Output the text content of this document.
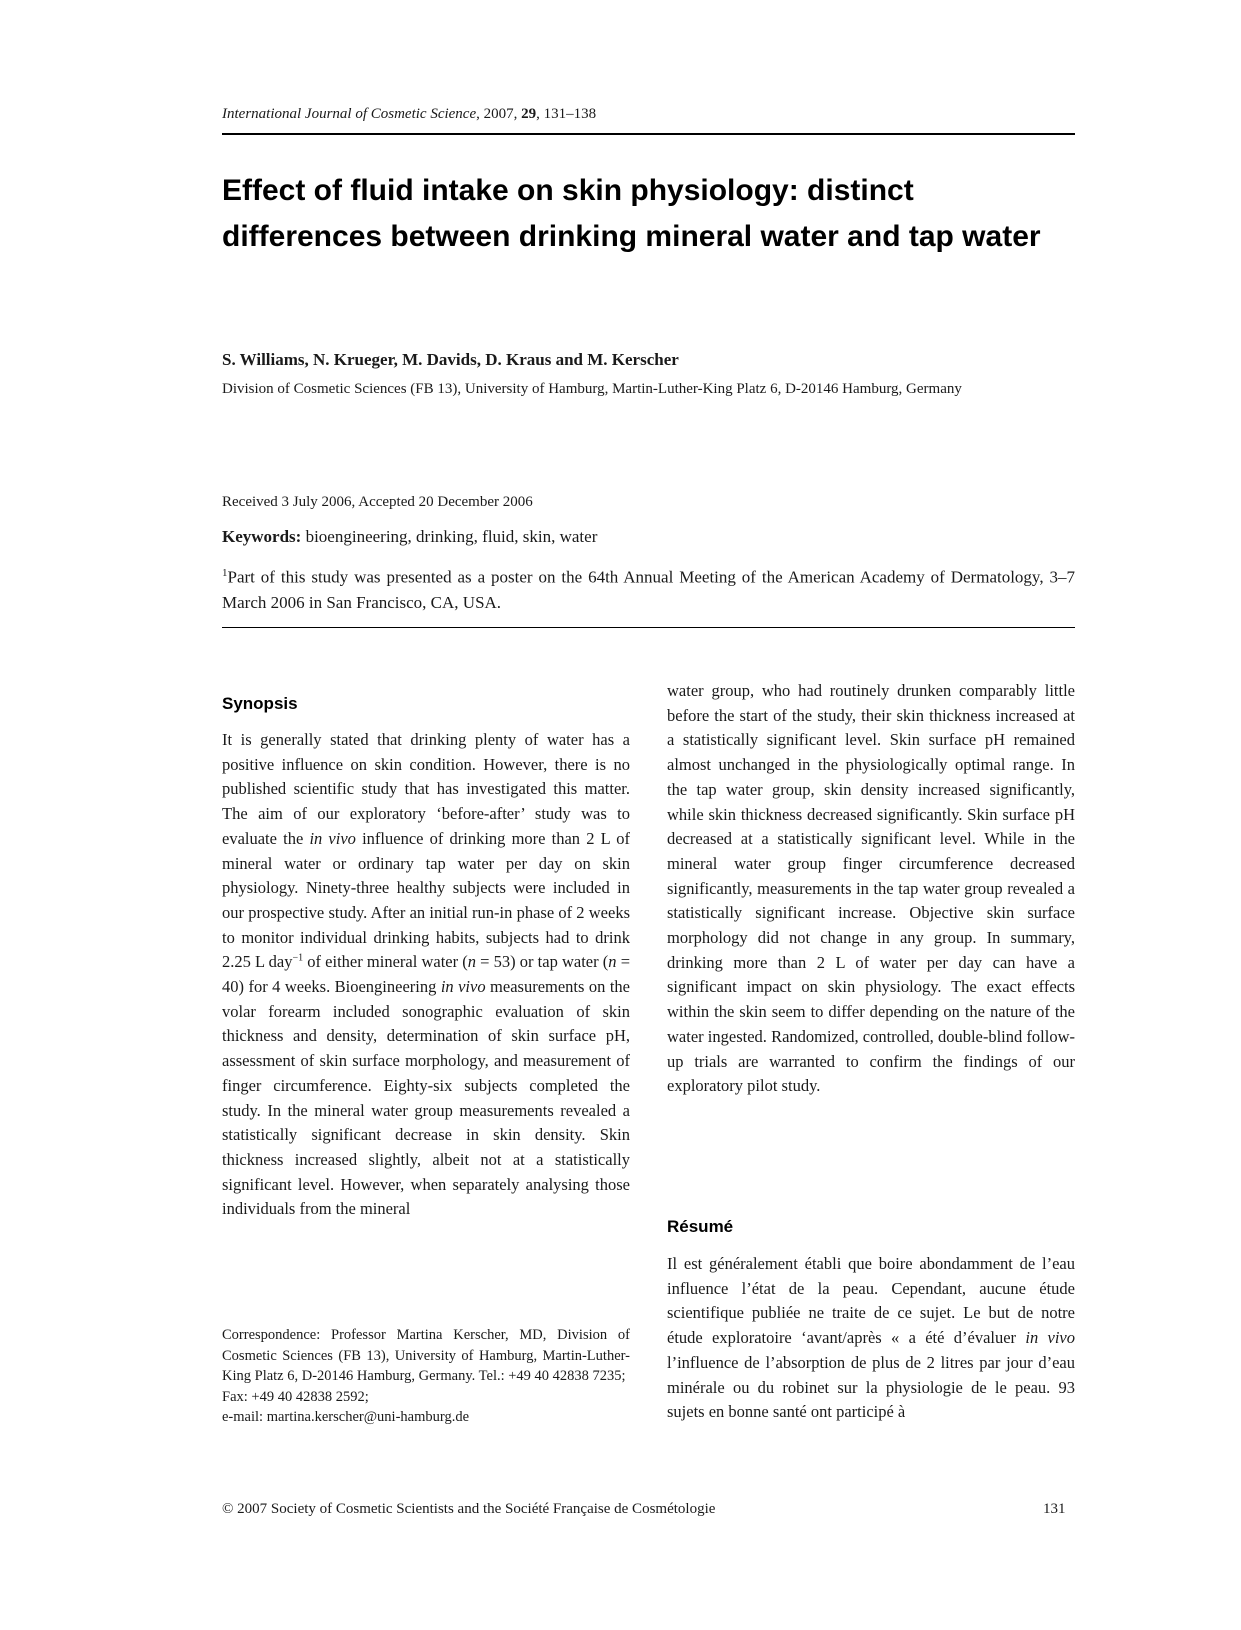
International Journal of Cosmetic Science, 2007, 29, 131–138
Effect of fluid intake on skin physiology: distinct differences between drinking mineral water and tap water
S. Williams, N. Krueger, M. Davids, D. Kraus and M. Kerscher
Division of Cosmetic Sciences (FB 13), University of Hamburg, Martin-Luther-King Platz 6, D-20146 Hamburg, Germany
Received 3 July 2006, Accepted 20 December 2006
Keywords: bioengineering, drinking, fluid, skin, water
$^1$Part of this study was presented as a poster on the 64th Annual Meeting of the American Academy of Dermatology, 3–7 March 2006 in San Francisco, CA, USA.
Synopsis

It is generally stated that drinking plenty of water has a positive influence on skin condition. However, there is no published scientific study that has investigated this matter. The aim of our exploratory ‘before-after’ study was to evaluate the in vivo influence of drinking more than 2 L of mineral water or ordinary tap water per day on skin physiology. Ninety-three healthy subjects were included in our prospective study. After an initial run-in phase of 2 weeks to monitor individual drinking habits, subjects had to drink 2.25 L day$^{-1}$ of either mineral water (n = 53) or tap water (n = 40) for 4 weeks. Bioengineering in vivo measurements on the volar forearm included sonographic evaluation of skin thickness and density, determination of skin surface pH, assessment of skin surface morphology, and measurement of finger circumference. Eighty-six subjects completed the study. In the mineral water group measurements revealed a statistically significant decrease in skin density. Skin thickness increased slightly, albeit not at a statistically significant level. However, when separately analysing those individuals from the mineral

Correspondence: Professor Martina Kerscher, MD, Division of Cosmetic Sciences (FB 13), University of Hamburg, Martin-Luther-King Platz 6, D-20146 Hamburg, Germany. Tel.: +49 40 42838 7235;
Fax: +49 40 42838 2592;
e-mail: martina.kerscher@uni-hamburg.de

water group, who had routinely drunken comparably little before the start of the study, their skin thickness increased at a statistically significant level. Skin surface pH remained almost unchanged in the physiologically optimal range. In the tap water group, skin density increased significantly, while skin thickness decreased significantly. Skin surface pH decreased at a statistically significant level. While in the mineral water group finger circumference decreased significantly, measurements in the tap water group revealed a statistically significant increase. Objective skin surface morphology did not change in any group. In summary, drinking more than 2 L of water per day can have a significant impact on skin physiology. The exact effects within the skin seem to differ depending on the nature of the water ingested. Randomized, controlled, double-blind follow-up trials are warranted to confirm the findings of our exploratory pilot study.

Résumé

Il est généralement établi que boire abondamment de l’eau influence l’état de la peau. Cependant, aucune étude scientifique publiée ne traite de ce sujet. Le but de notre étude exploratoire ‘avant/après « a été d’évaluer in vivo l’influence de l’absorption de plus de 2 litres par jour d’eau minérale ou du robinet sur la physiologie de le peau. 93 sujets en bonne santé ont participé à

© 2007 Society of Cosmetic Scientists and the Société Française de Cosmétologie	131
